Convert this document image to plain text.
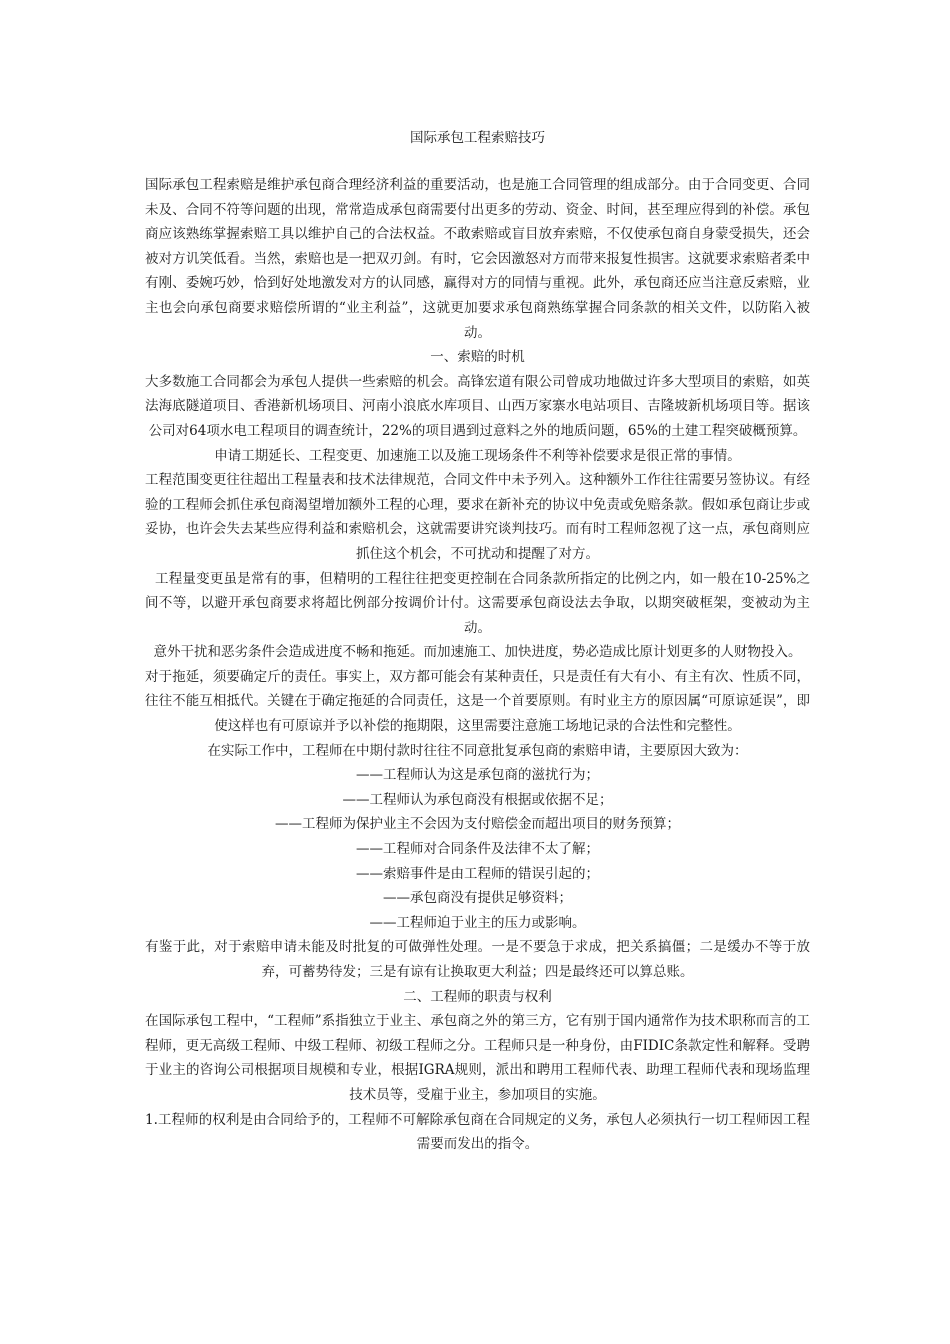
国际承包工程索赔技巧

国际承包工程索赔是维护承包商合理经济利益的重要活动，也是施工合同管理的组成部分。由于合同变更、合同未及、合同不符等问题的出现，常常造成承包商需要付出更多的劳动、资金、时间，甚至理应得到的补偿。承包商应该熟练掌握索赔工具以维护自己的合法权益。不敢索赔或盲目放弃索赔，不仅使承包商自身蒙受损失，还会被对方讥笑低看。当然，索赔也是一把双刃剑。有时，它会因激怒对方而带来报复性损害。这就要求索赔者柔中有刚、委婉巧妙，恰到好处地激发对方的认同感，赢得对方的同情与重视。此外，承包商还应当注意反索赔，业主也会向承包商要求赔偿所谓的“业主利益”，这就更加要求承包商熟练掌握合同条款的相关文件，以防陷入被动。

一、索赔的时机

大多数施工合同都会为承包人提供一些索赔的机会。高锋宏道有限公司曾成功地做过许多大型项目的索赔，如英法海底隧道项目、香港新机场项目、河南小浪底水库项目、山西万家寨水电站项目、吉隆坡新机场项目等。据该公司对64项水电工程项目的调查统计，22%的项目遇到过意料之外的地质问题，65%的土建工程突破概预算。

申请工期延长、工程变更、加速施工以及施工现场条件不利等补偿要求是很正常的事情。

工程范围变更往往超出工程量表和技术法律规范，合同文件中未予列入。这种额外工作往往需要另签协议。有经验的工程师会抓住承包商渴望增加额外工程的心理，要求在新补充的协议中免责或免赔条款。假如承包商让步或妥协，也许会失去某些应得利益和索赔机会，这就需要讲究谈判技巧。而有时工程师忽视了这一点，承包商则应抓住这个机会，不可扰动和提醒了对方。

工程量变更虽是常有的事，但精明的工程往往把变更控制在合同条款所指定的比例之内，如一般在10-25%之间不等，以避开承包商要求将超比例部分按调价计付。这需要承包商设法去争取，以期突破框架，变被动为主动。

意外干扰和恶劣条件会造成进度不畅和拖延。而加速施工、加快进度，势必造成比原计划更多的人财物投入。

对于拖延，须要确定斤的责任。事实上，双方都可能会有某种责任，只是责任有大有小、有主有次、性质不同，往往不能互相抵代。关键在于确定拖延的合同责任，这是一个首要原则。有时业主方的原因属“可原谅延误”，即使这样也有可原谅并予以补偿的拖期限，这里需要注意施工场地记录的合法性和完整性。

在实际工作中，工程师在中期付款时往往不同意批复承包商的索赔申请，主要原因大致为：

——工程师认为这是承包商的滋扰行为；

——工程师认为承包商没有根据或依据不足；

——工程师为保护业主不会因为支付赔偿金而超出项目的财务预算；

——工程师对合同条件及法律不太了解；

——索赔事件是由工程师的错误引起的；

——承包商没有提供足够资料；

——工程师迫于业主的压力或影响。

有鉴于此，对于索赔申请未能及时批复的可做弹性处理。一是不要急于求成，把关系搞僵；二是缓办不等于放弃，可蓄势待发；三是有谅有让换取更大利益；四是最终还可以算总账。

二、工程师的职责与权利

在国际承包工程中，“工程师”系指独立于业主、承包商之外的第三方，它有别于国内通常作为技术职称而言的工程师，更无高级工程师、中级工程师、初级工程师之分。工程师只是一种身份，由FIDIC条款定性和解释。受聘于业主的咨询公司根据项目规模和专业，根据IGRA规则，派出和聘用工程师代表、助理工程师代表和现场监理技术员等，受雇于业主，参加项目的实施。

1.工程师的权利是由合同给予的，工程师不可解除承包商在合同规定的义务，承包人必须执行一切工程师因工程需要而发出的指令。
